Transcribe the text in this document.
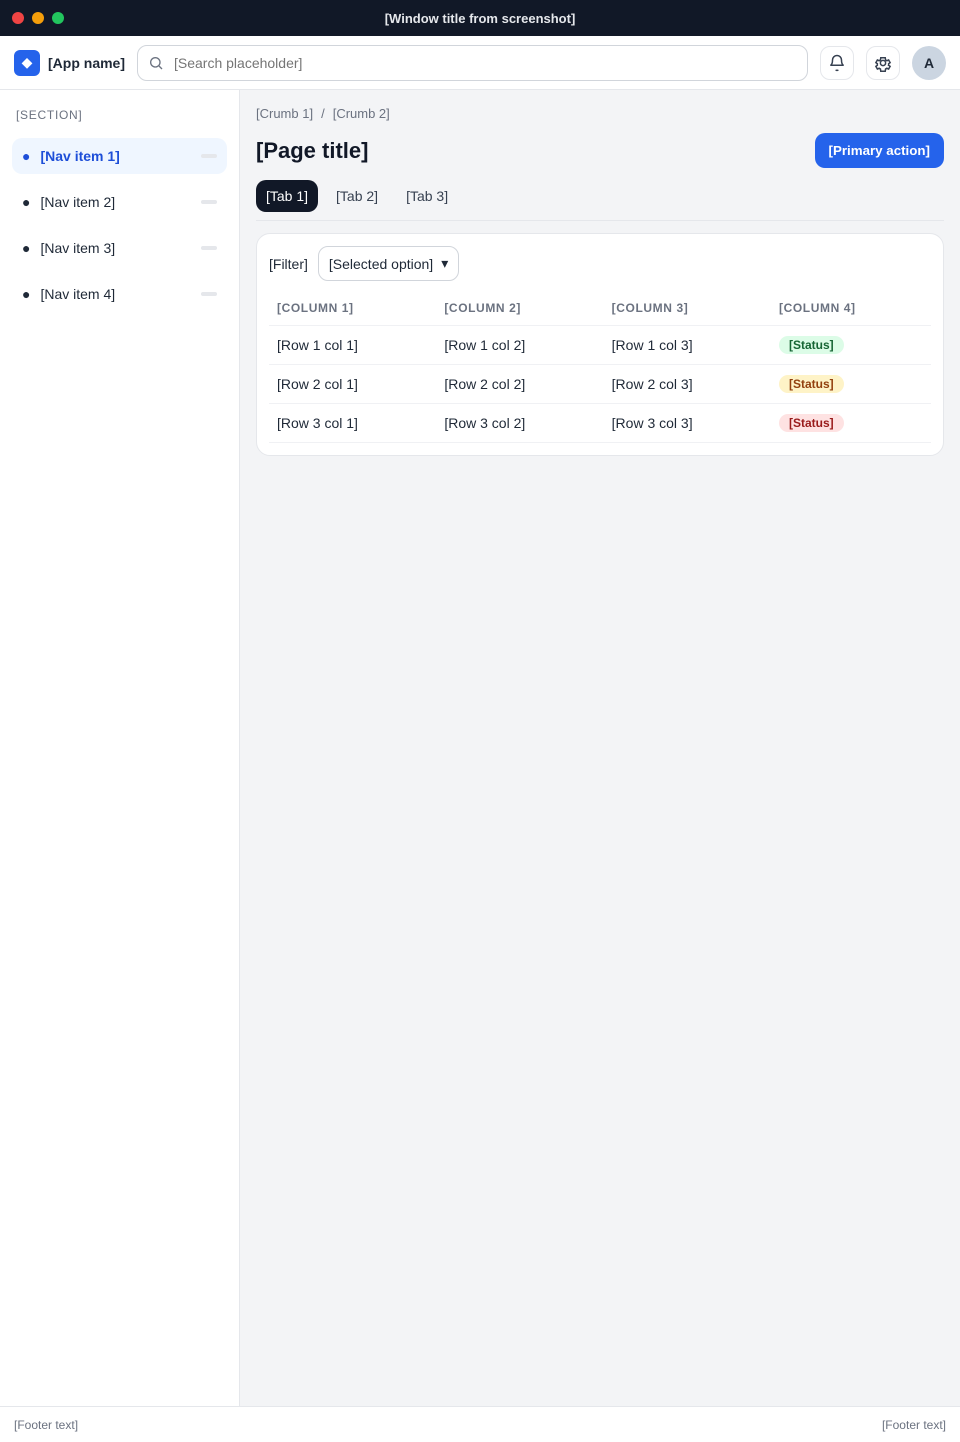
[Window title from screenshot]
◆	[App name]
[Search placeholder]	A
[SECTION]
● [Nav item 1]
● [Nav item 2]
● [Nav item 3]
● [Nav item 4]
[Crumb 1] / [Crumb 2]
[Page title]	[Primary action]
[Tab 1]	[Tab 2]	[Tab 3]
[Filter] [Selected option] ▾
[COLUMN 1]	[COLUMN 2]	[COLUMN 3]	[COLUMN 4]
[Row 1 col 1]	[Row 1 col 2]	[Row 1 col 3]	[Status]
[Row 2 col 1]	[Row 2 col 2]	[Row 2 col 3]	[Status]
[Row 3 col 1]	[Row 3 col 2]	[Row 3 col 3]	[Status]
[Footer text]	[Footer text]
